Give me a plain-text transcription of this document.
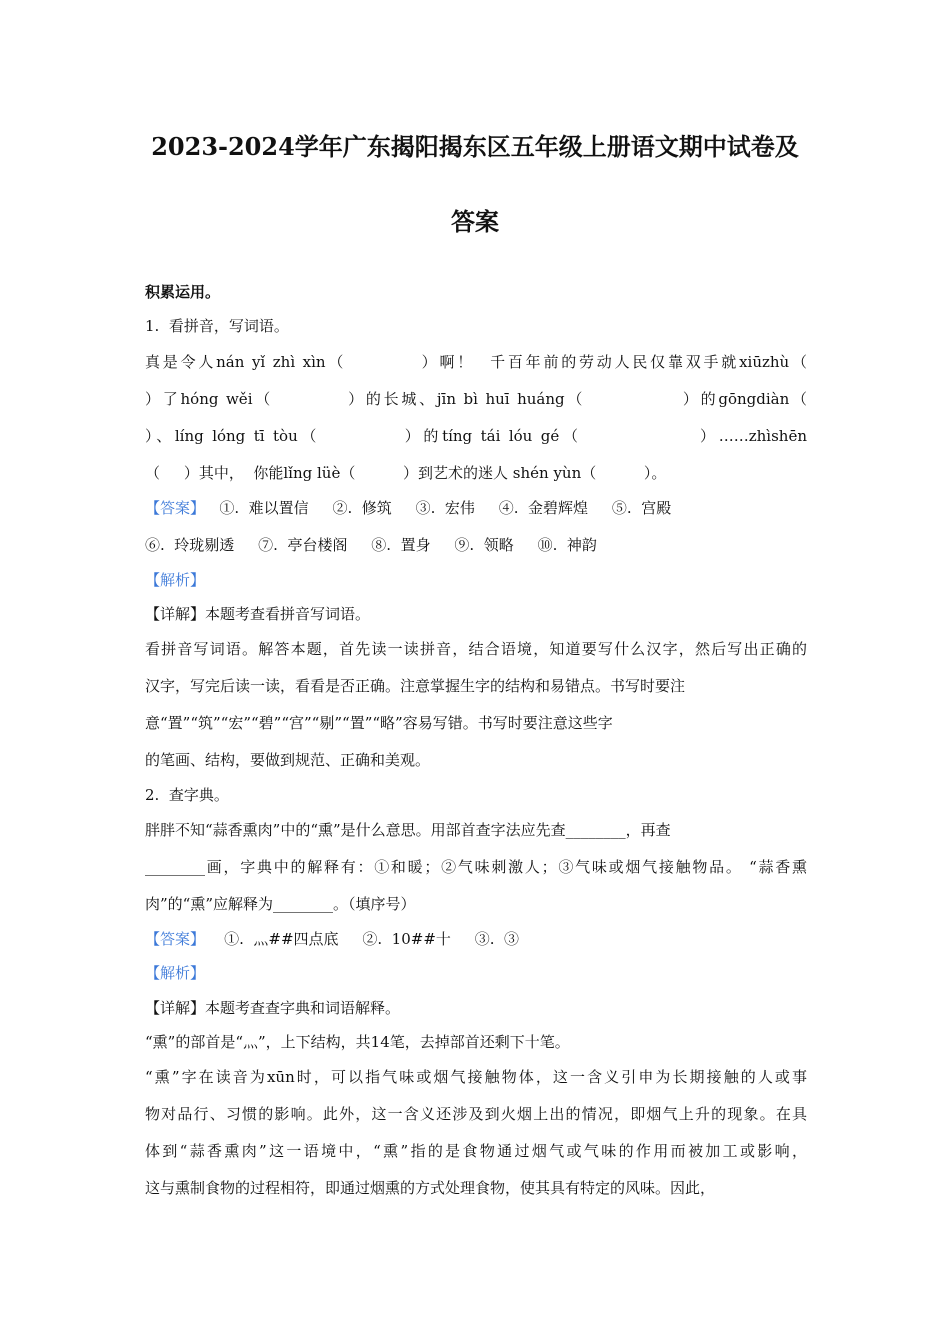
2023-2024学年广东揭阳揭东区五年级上册语文期中试卷及
答案
积累运用。
1.  看拼音，写词语。
真是令人nán yǐ zhì xìn（          ）啊！  千百年前的劳动人民仅靠双手就xiūzhù（
）了hóng wěi（          ）的长城、jīn bì huī huáng（             ）的gōngdiàn（
）、líng lóng tī tòu（          ）的tíng tái lóu gé（              ）……zhìshēn
（     ）其中，  你能lǐng lüè（          ）到艺术的迷人 shén yùn（          ）。
【答案】   ①.  难以置信     ②.  修筑     ③.  宏伟     ④.  金碧辉煌     ⑤.  宫殿
⑥.  玲珑剔透     ⑦.  亭台楼阁     ⑧.  置身     ⑨.  领略     ⑩.  神韵
【解析】
【详解】本题考查看拼音写词语。
看拼音写词语。解答本题，首先读一读拼音，结合语境，知道要写什么汉字，然后写出正确的
汉字，写完后读一读，看看是否正确。注意掌握生字的结构和易错点。书写时要注
意“置”“筑”“宏”“碧”“宫”“剔”“置”“略”容易写错。书写时要注意这些字
的笔画、结构，要做到规范、正确和美观。
2.  查字典。
胖胖不知“蒜香熏肉”中的“熏”是什么意思。用部首查字法应先查________，再查
________画，字典中的解释有：①和暖；②气味刺激人；③气味或烟气接触物品。 “蒜香熏
肉”的“熏”应解释为________。（填序号）
【答案】    ①.  灬##四点底     ②.  10##十     ③.  ③
【解析】
【详解】本题考查查字典和词语解释。
“熏”的部首是“灬”，上下结构，共14笔，去掉部首还剩下十笔。
“熏”字在读音为xūn时，可以指气味或烟气接触物体，这一含义引申为长期接触的人或事
物对品行、习惯的影响。此外，这一含义还涉及到火烟上出的情况，即烟气上升的现象。在具
体到“蒜香熏肉”这一语境中，“熏”指的是食物通过烟气或气味的作用而被加工或影响，
这与熏制食物的过程相符，即通过烟熏的方式处理食物，使其具有特定的风味。因此，
